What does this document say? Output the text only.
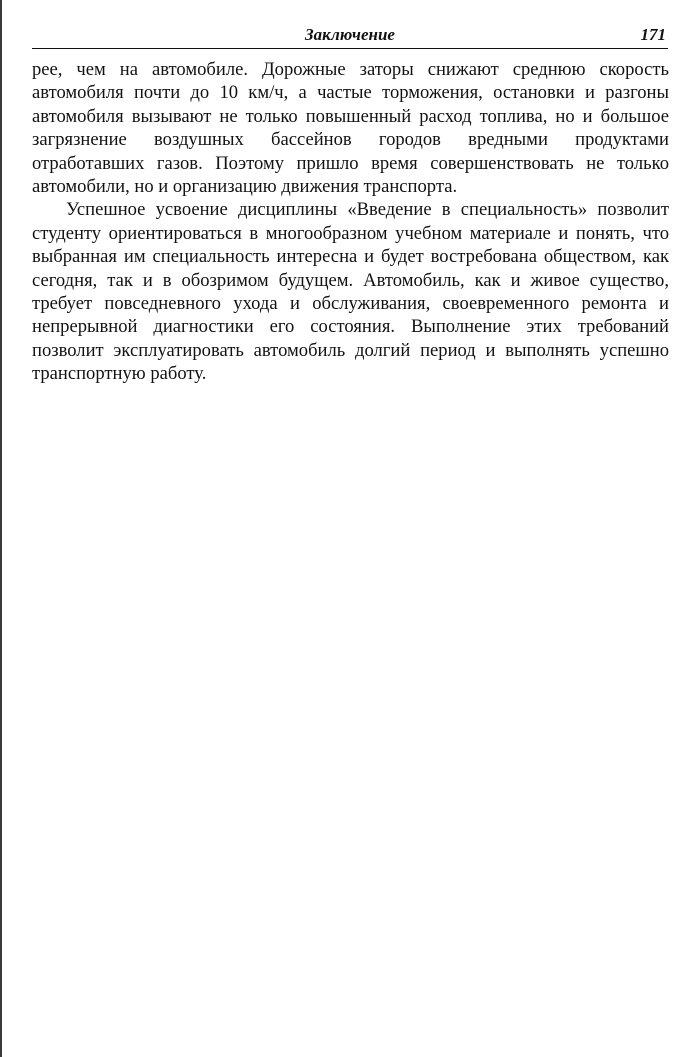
Заключение	171

рее, чем на автомобиле. Дорожные заторы снижают среднюю скорость автомобиля почти до 10 км/ч, а частые торможения, остановки и разгоны автомобиля вызывают не только повышенный расход топлива, но и большое загрязнение воздушных бассейнов городов вредными продуктами отработавших газов. Поэтому пришло время совершенствовать не только автомобили, но и организацию движения транспорта.

Успешное усвоение дисциплины «Введение в специальность» позволит студенту ориентироваться в многообразном учебном материале и понять, что выбранная им специальность интересна и будет востребована обществом, как сегодня, так и в обозримом будущем. Автомобиль, как и живое существо, требует повседневного ухода и обслуживания, своевременного ремонта и непрерывной диагностики его состояния. Выполнение этих требований позволит эксплуатировать автомобиль долгий период и выполнять успешно транспортную работу.
